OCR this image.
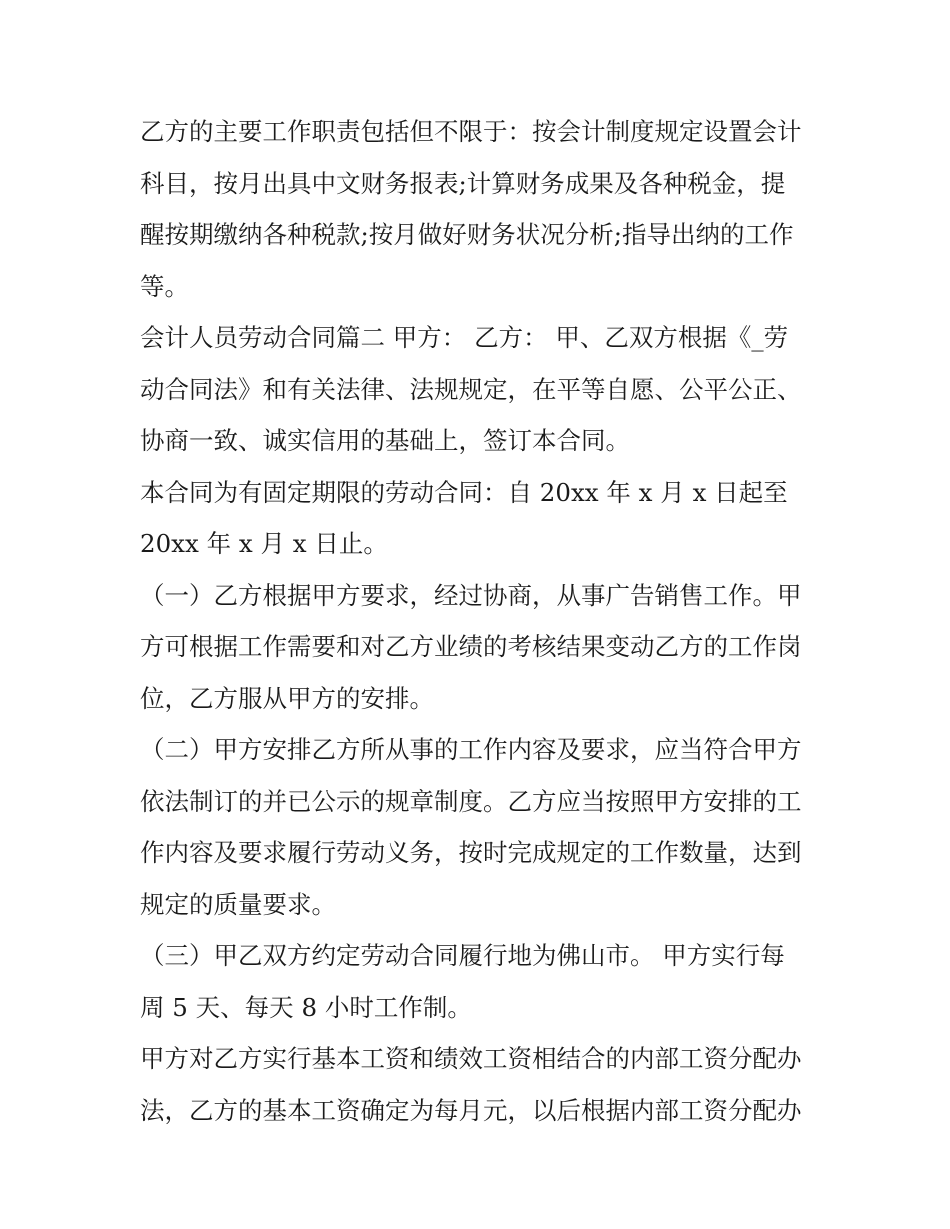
乙方的主要工作职责包括但不限于：按会计制度规定设置会计
科目，按月出具中文财务报表;计算财务成果及各种税金，提
醒按期缴纳各种税款;按月做好财务状况分析;指导出纳的工作
等。
会计人员劳动合同篇二 甲方： 乙方： 甲、乙双方根据《_劳
动合同法》和有关法律、法规规定，在平等自愿、公平公正、
协商一致、诚实信用的基础上，签订本合同。
本合同为有固定期限的劳动合同：自 20xx 年 x 月 x 日起至
20xx 年 x 月 x 日止。
（一）乙方根据甲方要求，经过协商，从事广告销售工作。甲
方可根据工作需要和对乙方业绩的考核结果变动乙方的工作岗
位，乙方服从甲方的安排。
（二）甲方安排乙方所从事的工作内容及要求，应当符合甲方
依法制订的并已公示的规章制度。乙方应当按照甲方安排的工
作内容及要求履行劳动义务，按时完成规定的工作数量，达到
规定的质量要求。
（三）甲乙双方约定劳动合同履行地为佛山市。 甲方实行每
周 5 天、每天 8 小时工作制。
甲方对乙方实行基本工资和绩效工资相结合的内部工资分配办
法，乙方的基本工资确定为每月元，以后根据内部工资分配办
